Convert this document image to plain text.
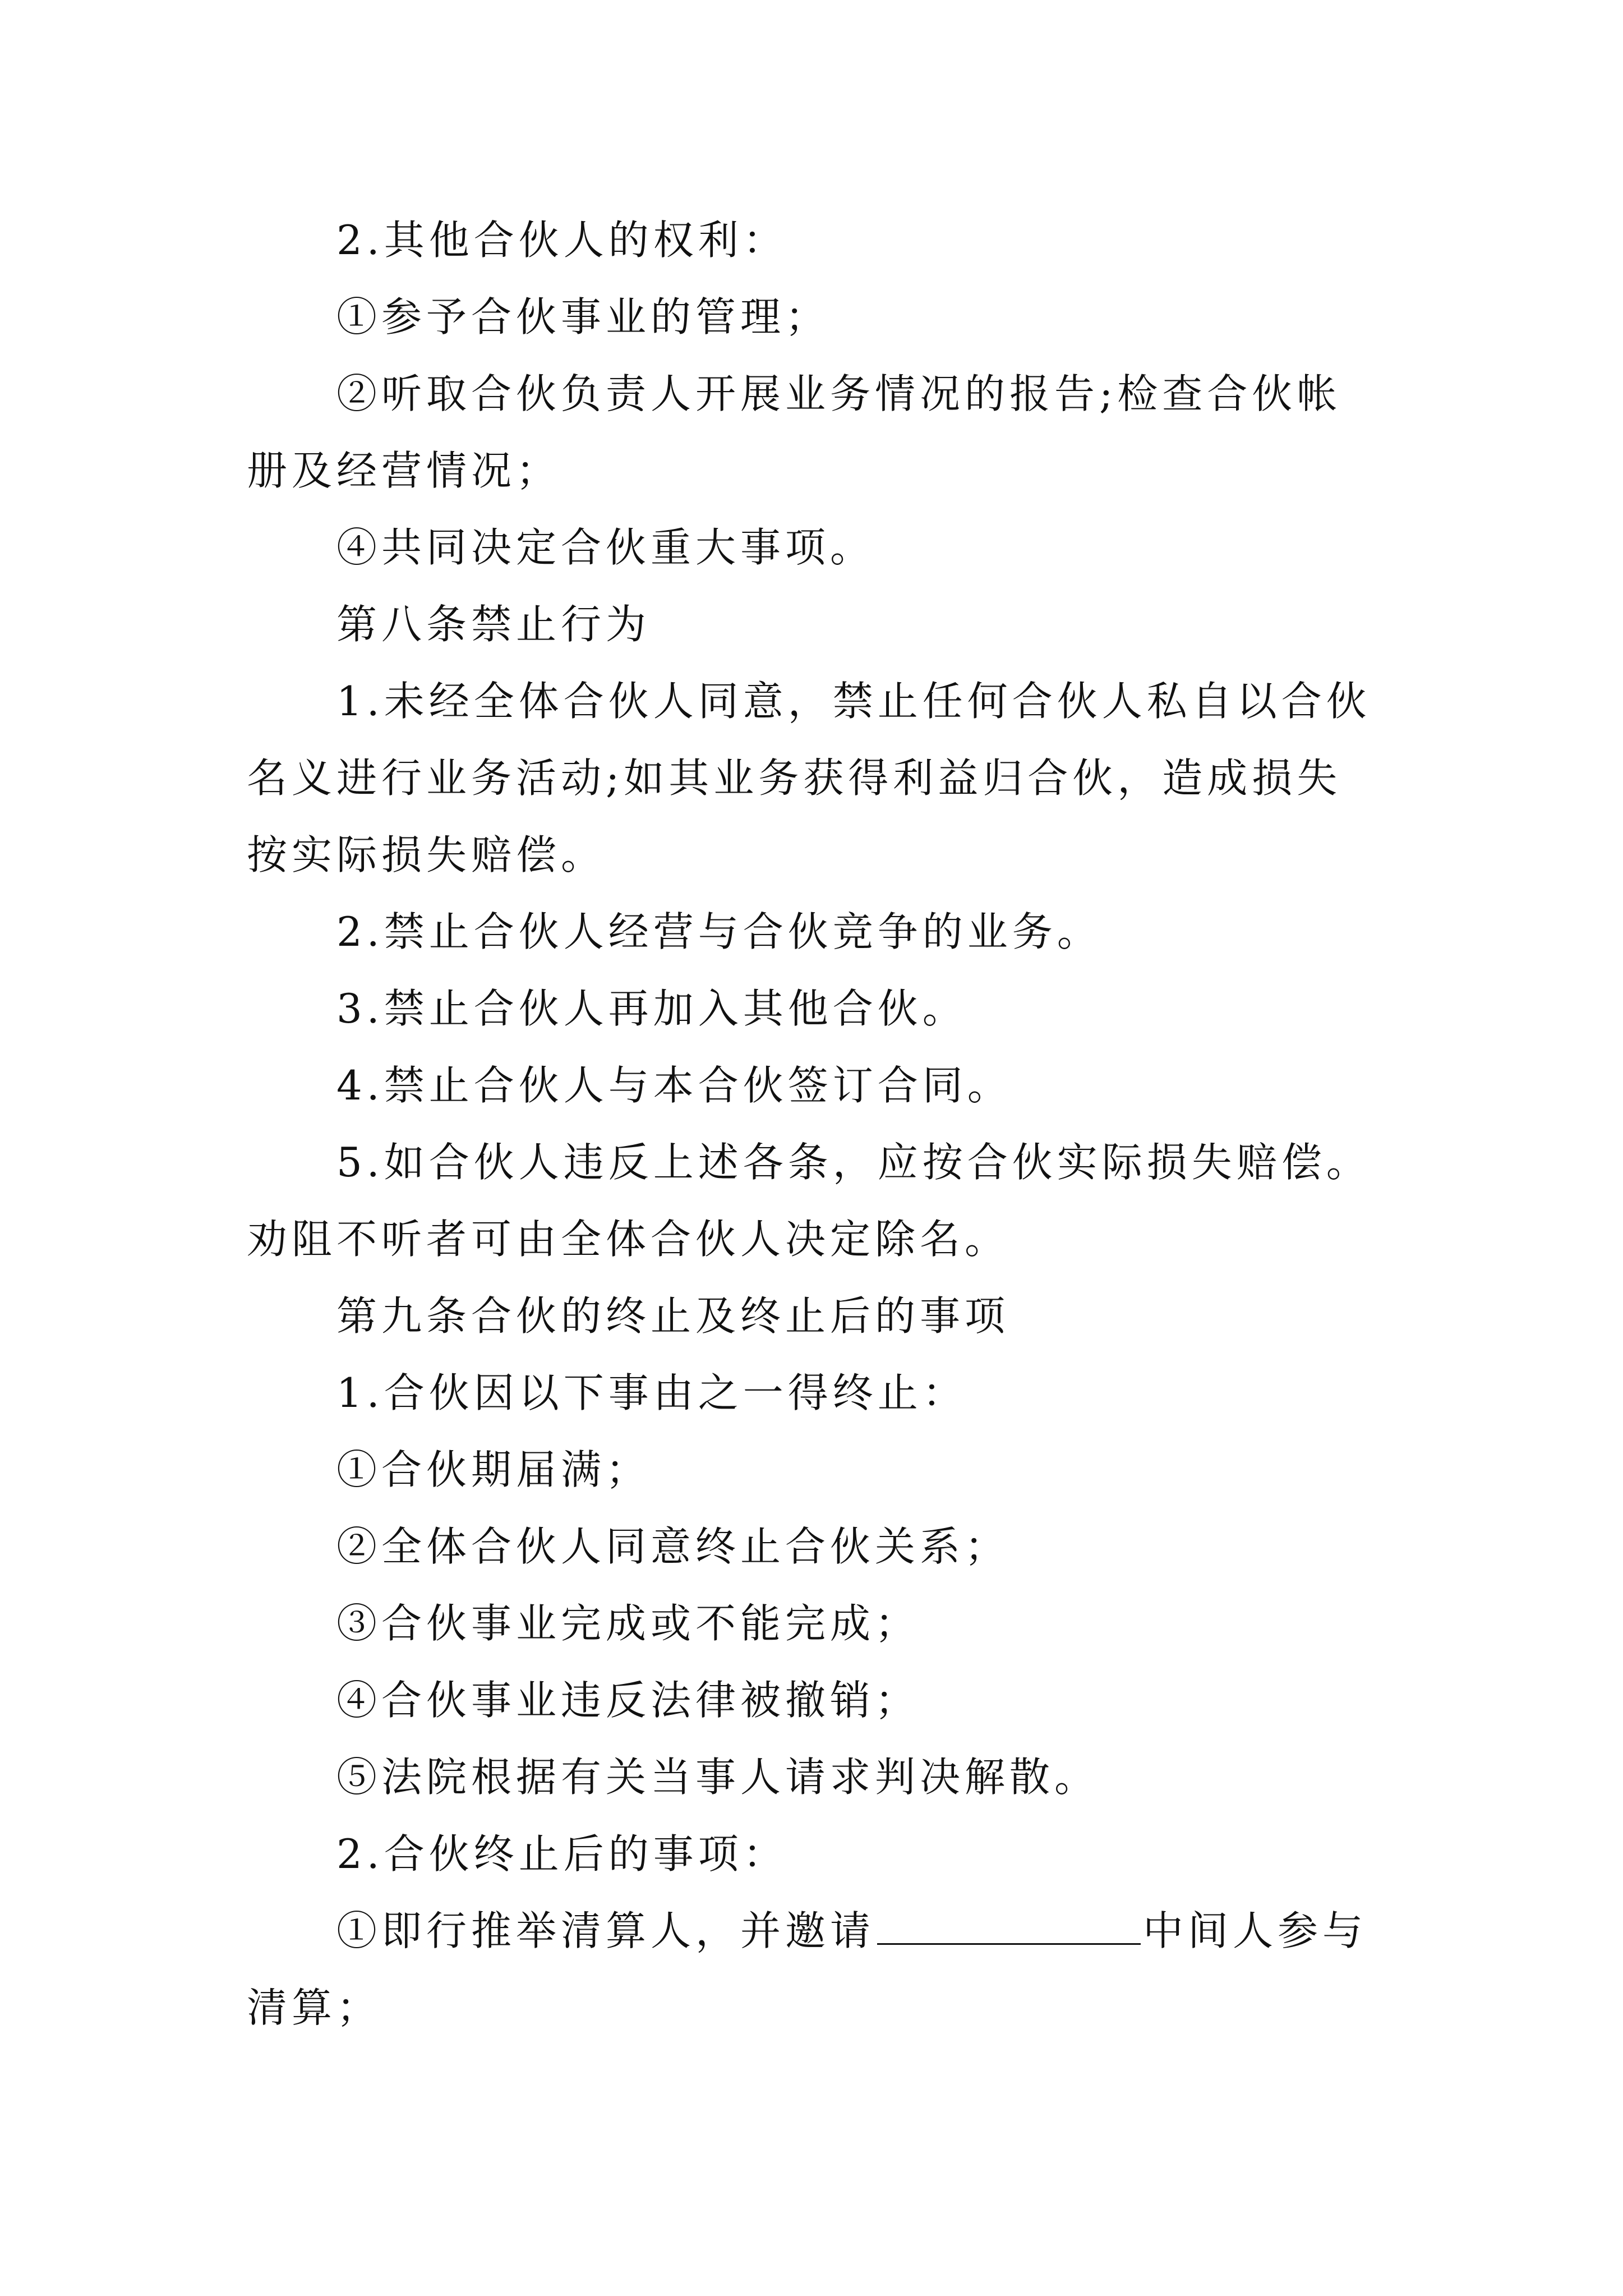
2.其他合伙人的权利：

①参予合伙事业的管理；

②听取合伙负责人开展业务情况的报告;检查合伙帐册及经营情况；

④共同决定合伙重大事项。

第八条禁止行为

1.未经全体合伙人同意，禁止任何合伙人私自以合伙名义进行业务活动;如其业务获得利益归合伙，造成损失按实际损失赔偿。

2.禁止合伙人经营与合伙竞争的业务。

3.禁止合伙人再加入其他合伙。

4.禁止合伙人与本合伙签订合同。

5.如合伙人违反上述各条，应按合伙实际损失赔偿。劝阻不听者可由全体合伙人决定除名。

第九条合伙的终止及终止后的事项

1.合伙因以下事由之一得终止：

①合伙期届满；

②全体合伙人同意终止合伙关系；

③合伙事业完成或不能完成；

④合伙事业违反法律被撤销；

⑤法院根据有关当事人请求判决解散。

2.合伙终止后的事项：

①即行推举清算人，并邀请	中间人参与清算；
